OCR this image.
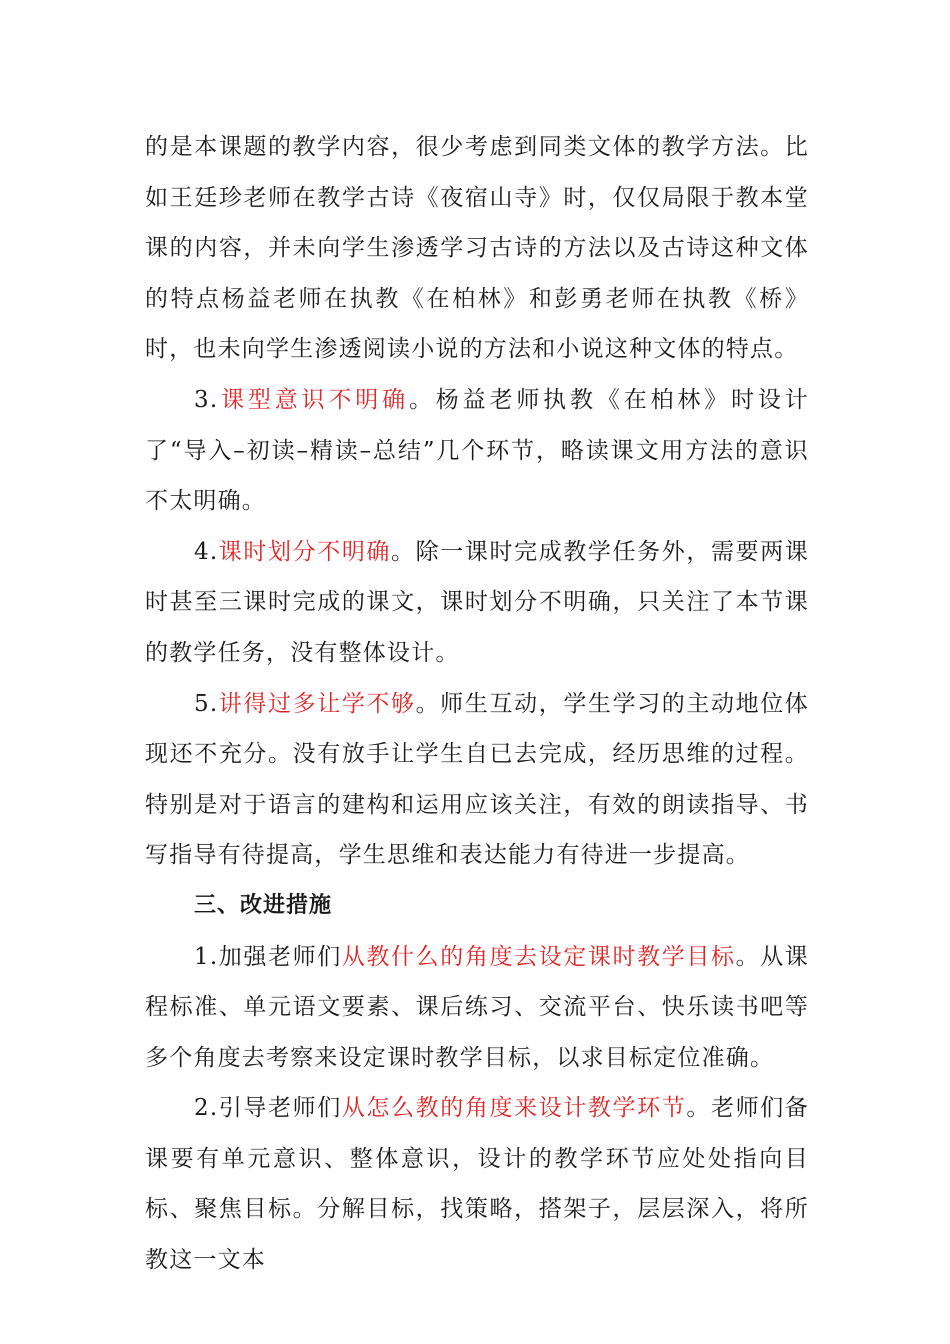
的是本课题的教学内容，很少考虑到同类文体的教学方法。比如王廷珍老师在教学古诗《夜宿山寺》时，仅仅局限于教本堂课的内容，并未向学生渗透学习古诗的方法以及古诗这种文体的特点杨益老师在执教《在柏林》和彭勇老师在执教《桥》时，也未向学生渗透阅读小说的方法和小说这种文体的特点。

3.课型意识不明确。杨益老师执教《在柏林》时设计了“导入–初读–精读–总结”几个环节，略读课文用方法的意识不太明确。

4.课时划分不明确。除一课时完成教学任务外，需要两课时甚至三课时完成的课文，课时划分不明确，只关注了本节课的教学任务，没有整体设计。

5.讲得过多让学不够。师生互动，学生学习的主动地位体现还不充分。没有放手让学生自已去完成，经历思维的过程。特别是对于语言的建构和运用应该关注，有效的朗读指导、书写指导有待提高，学生思维和表达能力有待进一步提高。

三、改进措施

1.加强老师们从教什么的角度去设定课时教学目标。从课程标准、单元语文要素、课后练习、交流平台、快乐读书吧等多个角度去考察来设定课时教学目标，以求目标定位准确。

2.引导老师们从怎么教的角度来设计教学环节。老师们备课要有单元意识、整体意识，设计的教学环节应处处指向目标、聚焦目标。分解目标，找策略，搭架子，层层深入，将所教这一文本
